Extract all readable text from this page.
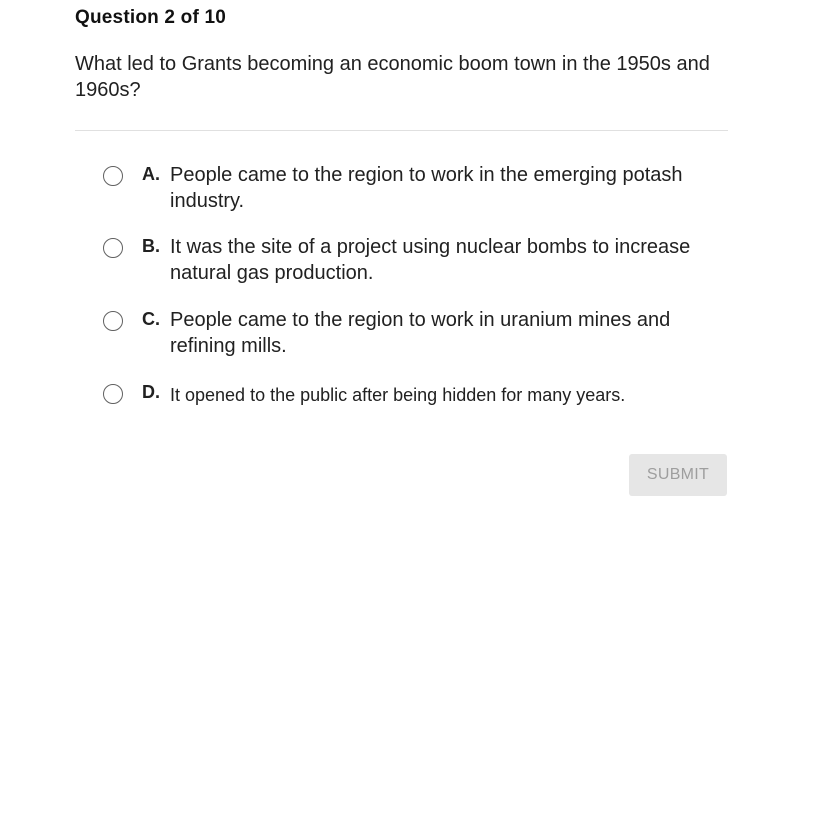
Question 2 of 10
What led to Grants becoming an economic boom town in the 1950s and 1960s?
A. People came to the region to work in the emerging potash industry.
B. It was the site of a project using nuclear bombs to increase natural gas production.
C. People came to the region to work in uranium mines and refining mills.
D. It opened to the public after being hidden for many years.
SUBMIT
